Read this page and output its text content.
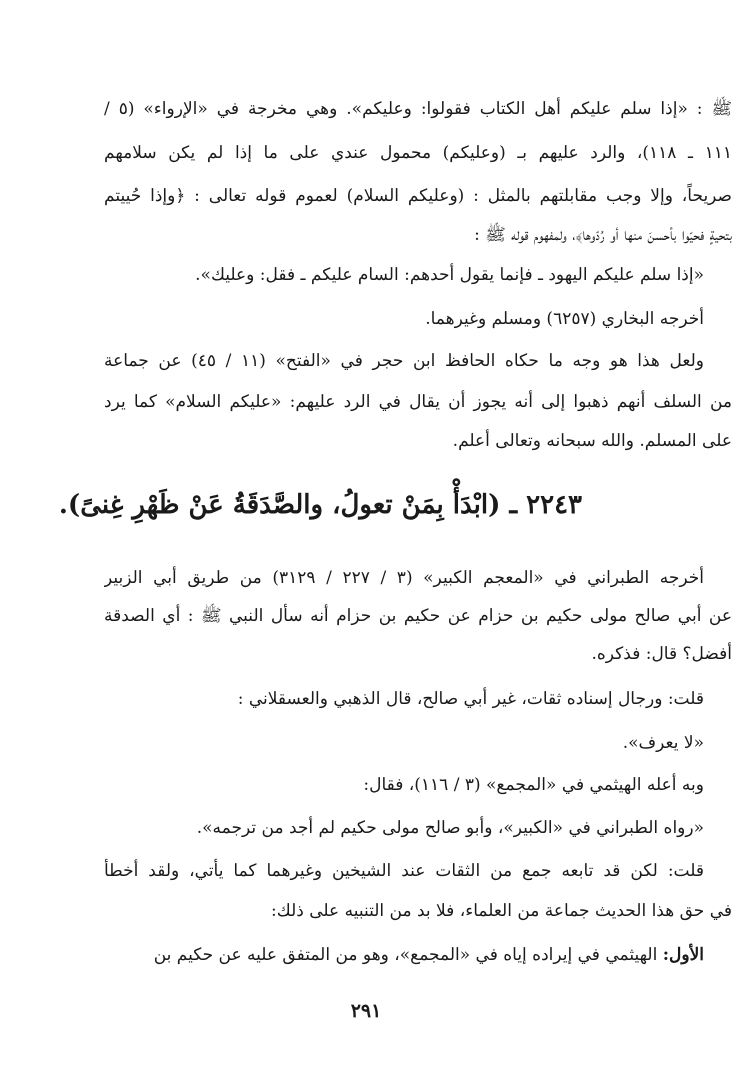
ﷺ : «إذا سلم عليكم أهل الكتاب فقولوا: وعليكم». وهي مخرجة في «الإرواء» (٥ /
١١١ ـ ١١٨)، والرد عليهم بـ (وعليكم) محمول عندي على ما إذا لم يكن سلامهم
صريحاً، وإلا وجب مقابلتهم بالمثل : (وعليكم السلام) لعموم قوله تعالى : ﴿وإذا حُييتم
بتحيةٍ فحيّوا بأحسنَ منها أو رُدّوها﴾، ولمفهوم قوله ﷺ :
«إذا سلم عليكم اليهود ـ فإنما يقول أحدهم: السام عليكم ـ فقل: وعليك».
أخرجه البخاري (٦٢٥٧) ومسلم وغيرهما.
ولعل هذا هو وجه ما حكاه الحافظ ابن حجر في «الفتح» (١١ / ٤٥) عن جماعة
من السلف أنهم ذهبوا إلى أنه يجوز أن يقال في الرد عليهم: «عليكم السلام» كما يرد
على المسلم. والله سبحانه وتعالى أعلم.
٢٢٤٣ ـ (ابْدَأْ بِمَنْ تعولُ، والصَّدَقَةُ عَنْ ظَهْرِ غِنىً).
أخرجه الطبراني في «المعجم الكبير» (٣ / ٢٢٧ / ٣١٢٩) من طريق أبي الزبير
عن أبي صالح مولى حكيم بن حزام عن حكيم بن حزام أنه سأل النبي ﷺ : أي الصدقة
أفضل؟ قال: فذكره.
قلت: ورجال إسناده ثقات، غير أبي صالح، قال الذهبي والعسقلاني :
«لا يعرف».
وبه أعله الهيثمي في «المجمع» (٣ / ١١٦)، فقال:
«رواه الطبراني في «الكبير»، وأبو صالح مولى حكيم لم أجد من ترجمه».
قلت: لكن قد تابعه جمع من الثقات عند الشيخين وغيرهما كما يأتي، ولقد أخطأ
في حق هذا الحديث جماعة من العلماء، فلا بد من التنبيه على ذلك:
الأول: الهيثمي في إيراده إياه في «المجمع»، وهو من المتفق عليه عن حكيم بن
٢٩١
